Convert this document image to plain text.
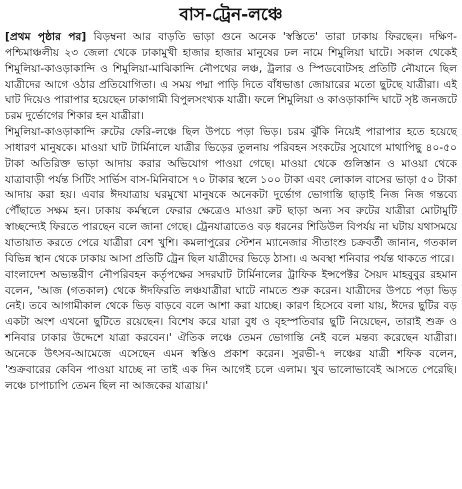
বাস-ট্রেন-লঞ্চে

[প্রথম পৃষ্ঠার পর] বিড়ম্বনা আর বাড়তি ভাড়া গুনে অনেক 'স্বস্তিতে' তারা ঢাকায় ফিরছেন। দক্ষিণ-পশ্চিমাঞ্চলীয় ২৩ জেলা থেকে ঢাকামুখী হাজার হাজার মানুষের ঢল নামে শিমুলিয়া ঘাটে। সকাল থেকেই শিমুলিয়া-কাওড়াকান্দি ও শিমুলিয়া-মাঝিকান্দি নৌপথের লঞ্চ, ট্রলার ও স্পিডবোটসহ প্রতিটি নৌযানে ছিল যাত্রীদের আগে ওঠার প্রতিযোগিতা। এ সময় পদ্মা পাড়ি দিতে বাঁধভাঙা জোয়ারের মতো ছুটছে যাত্রীরা। এই ঘাট দিয়েও পারাপার হয়েছেন ঢাকাগামী বিপুলসংখ্যক যাত্রী। ফলে শিমুলিয়া ও কাওড়াকান্দি ঘাটে সৃষ্ট জনজটে চরম দুর্ভোগের শিকার হন যাত্রীরা।

শিমুলিয়া-কাওড়াকান্দি রুটের ফেরি-লঞ্চে ছিল উপচে পড়া ভিড়। চরম ঝুঁকি নিয়েই পারাপার হতে হয়েছে সাধারণ মানুষকে। মাওয়া ঘাট টার্মিনালে যাত্রীর ভিড়ের তুলনায় পরিবহন সংকটের সুযোগে মাথাপিছু ৪০-৫০ টাকা অতিরিক্ত ভাড়া আদায় করার অভিযোগ পাওয়া গেছে। মাওয়া থেকে গুলিস্তান ও মাওয়া থেকে যাত্রাবাড়ী পর্যন্ত সিটিং সার্ভিস বাস-মিনিবাসে ৭০ টাকার স্থলে ১০০ টাকা এবং লোকাল বাসের ভাড়া ৫০ টাকা আদায় করা হয়। এবার ঈদযাত্রায় ঘরমুখো মানুষকে অনেকটা দুর্ভোগ ভোগান্তি ছাড়াই নিজ নিজ গন্তব্যে পৌঁছাতে সক্ষম হন। ঢাকায় কর্মস্থলে ফেরার ক্ষেত্রেও মাওয়া রুট ছাড়া অন্য সব রুটের যাত্রীরা মোটামুটি স্বাচ্ছন্দ্যেই ফিরতে পারছেন বলে জানা গেছে। ট্রেনযাত্রাতেও বড় ধরনের শিডিউল বিপর্যয় না ঘটায় যথাসময়ে যাতায়াত করতে পেরে যাত্রীরা বেশ খুশি। কমলাপুরের স্টেশন ম্যানেজার সীতাংশু চক্রবর্তী জানান, গতকাল বিভিন্ন স্থান থেকে ঢাকায় আসা প্রতিটি ট্রেন ছিল যাত্রীদের ভিড়ে ঠাসা। এ অবস্থা শনিবার পর্যন্ত থাকতে পারে।

বাংলাদেশ অভ্যন্তরীণ নৌপরিবহন কর্তৃপক্ষের সদরঘাট টার্মিনালের ট্রাফিক ইন্সপেক্টর সৈয়দ মাহবুবুর রহমান বলেন, 'আজ (গতকাল) থেকে ঈদফিরতি লঞ্চযাত্রীরা ঘাটে নামতে শুরু করেন। যাত্রীদের উপচে পড়া ভিড় নেই। তবে আগামীকাল থেকে ভিড় বাড়বে বলে আশা করা যাচ্ছে। কারণ হিসেবে বলা যায়, ঈদের ছুটির বড় একটা অংশ এখনো ছুটিতে রয়েছেন। বিশেষ করে যারা বুধ ও বৃহস্পতিবার ছুটি নিয়েছেন, তারাই শুক্র ও শনিবার ঢাকার উদ্দেশে যাত্রা করবেন।' ঐতিক লঞ্চে তেমন ভোগান্তি নেই বলে মন্তব্য করেছেন যাত্রীরা। অনেকে উৎসব-আমেজে এসেছেন এমন স্বস্তিও প্রকাশ করেন। সুরভী-৭ লঞ্চের যাত্রী শফিক বলেন, 'শুক্রবারের কেবিন পাওয়া যাচ্ছে না তাই এক দিন আগেই চলে এলাম। খুব ভালোভাবেই আসতে পেরেছি। লঞ্চে চাপাচাপি তেমন ছিল না আজকের যাত্রায়।'
